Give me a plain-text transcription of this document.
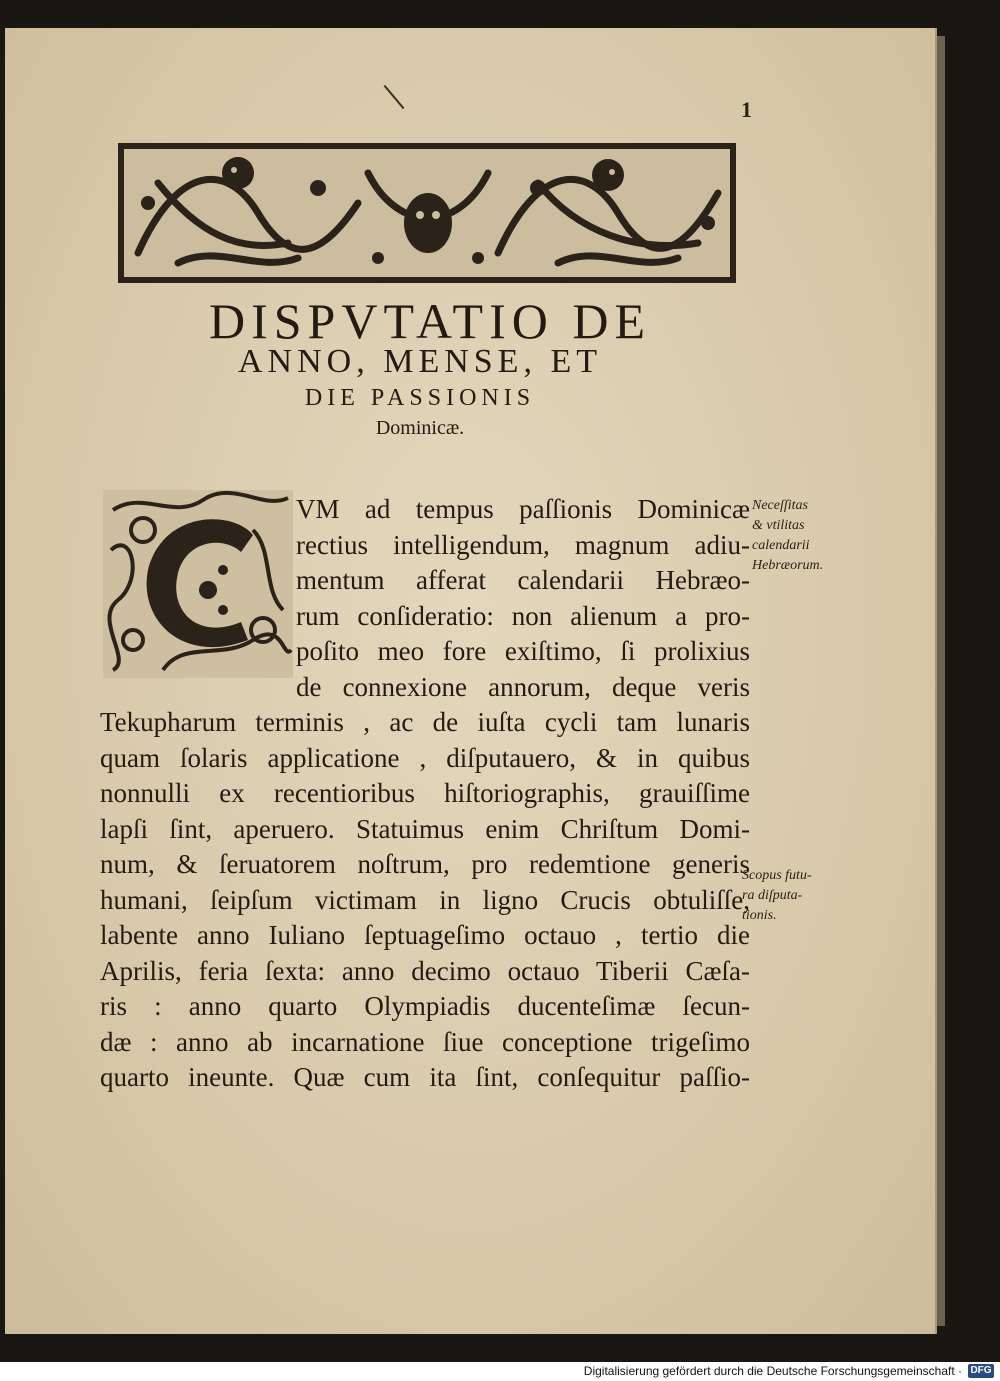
1
DISPVTATIO DE
ANNO, MENSE, ET
DIE PASSIONIS
Dominicæ.
VM ad tempus paſſionis Dominicæ
rectius intelligendum, magnum adiu-
mentum afferat calendarii Hebræo-
rum conſideratio: non alienum a pro-
poſito meo fore exiſtimo, ſi prolixius
de connexione annorum, deque veris
Tekupharum terminis , ac de iuſta cycli tam lunaris
quam ſolaris applicatione , diſputauero, & in quibus
nonnulli ex recentioribus hiſtoriographis, grauiſſime
lapſi ſint, aperuero. Statuimus enim Chriſtum Domi-
num, & ſeruatorem noſtrum, pro redemtione generis
humani, ſeipſum victimam in ligno Crucis obtuliſſe,
labente anno Iuliano ſeptuageſimo octauo , tertio die
Aprilis, feria ſexta: anno decimo octauo Tiberii Cæſa-
ris : anno quarto Olympiadis ducenteſimæ ſecun-
dæ : anno ab incarnatione ſiue conceptione trigeſimo
quarto ineunte. Quæ cum ita ſint, conſequitur paſſio-
Neceſſitas
& vtilitas
calendarii
Hebræorum.
Scopus futu-
ra diſputa-
tionis.
Digitalisierung gefördert durch die Deutsche Forschungsgemeinschaft · DFG
